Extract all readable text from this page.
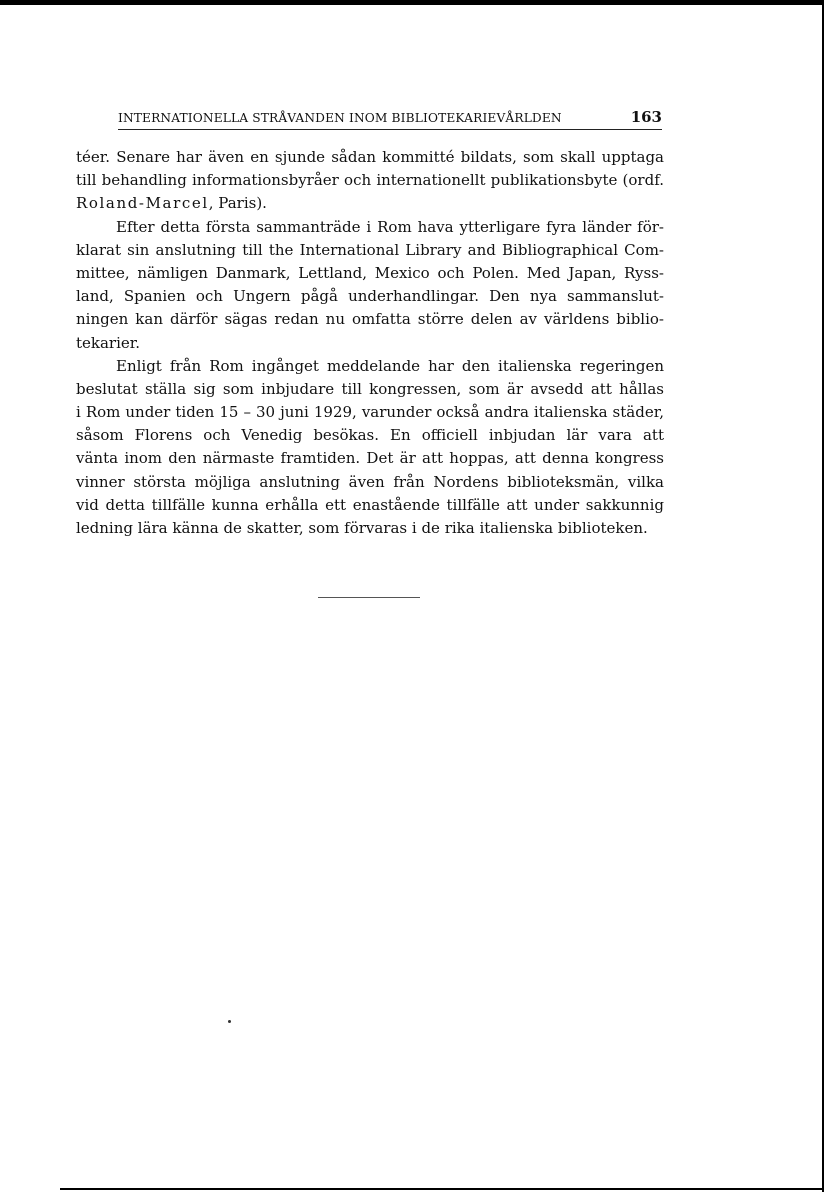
INTERNATIONELLA STRÅVANDEN INOM BIBLIOTEKARIEVÅRLDEN	163
téer. Senare har även en sjunde sådan kommitté bildats, som skall upptaga
till behandling informationsbyråer och internationellt publikationsbyte (ordf.
Roland-Marcel, Paris).
Efter detta första sammanträde i Rom hava ytterligare fyra länder för-
klarat sin anslutning till the International Library and Bibliographical Com-
mittee, nämligen Danmark, Lettland, Mexico och Polen. Med Japan, Ryss-
land, Spanien och Ungern pågå underhandlingar. Den nya sammanslut-
ningen kan därför sägas redan nu omfatta större delen av världens biblio-
tekarier.
Enligt från Rom ingånget meddelande har den italienska regeringen
beslutat ställa sig som inbjudare till kongressen, som är avsedd att hållas
i Rom under tiden 15 – 30 juni 1929, varunder också andra italienska städer,
såsom Florens och Venedig besökas. En officiell inbjudan lär vara att
vänta inom den närmaste framtiden. Det är att hoppas, att denna kongress
vinner största möjliga anslutning även från Nordens biblioteksmän, vilka
vid detta tillfälle kunna erhålla ett enastående tillfälle att under sakkunnig
ledning lära känna de skatter, som förvaras i de rika italienska biblioteken.
